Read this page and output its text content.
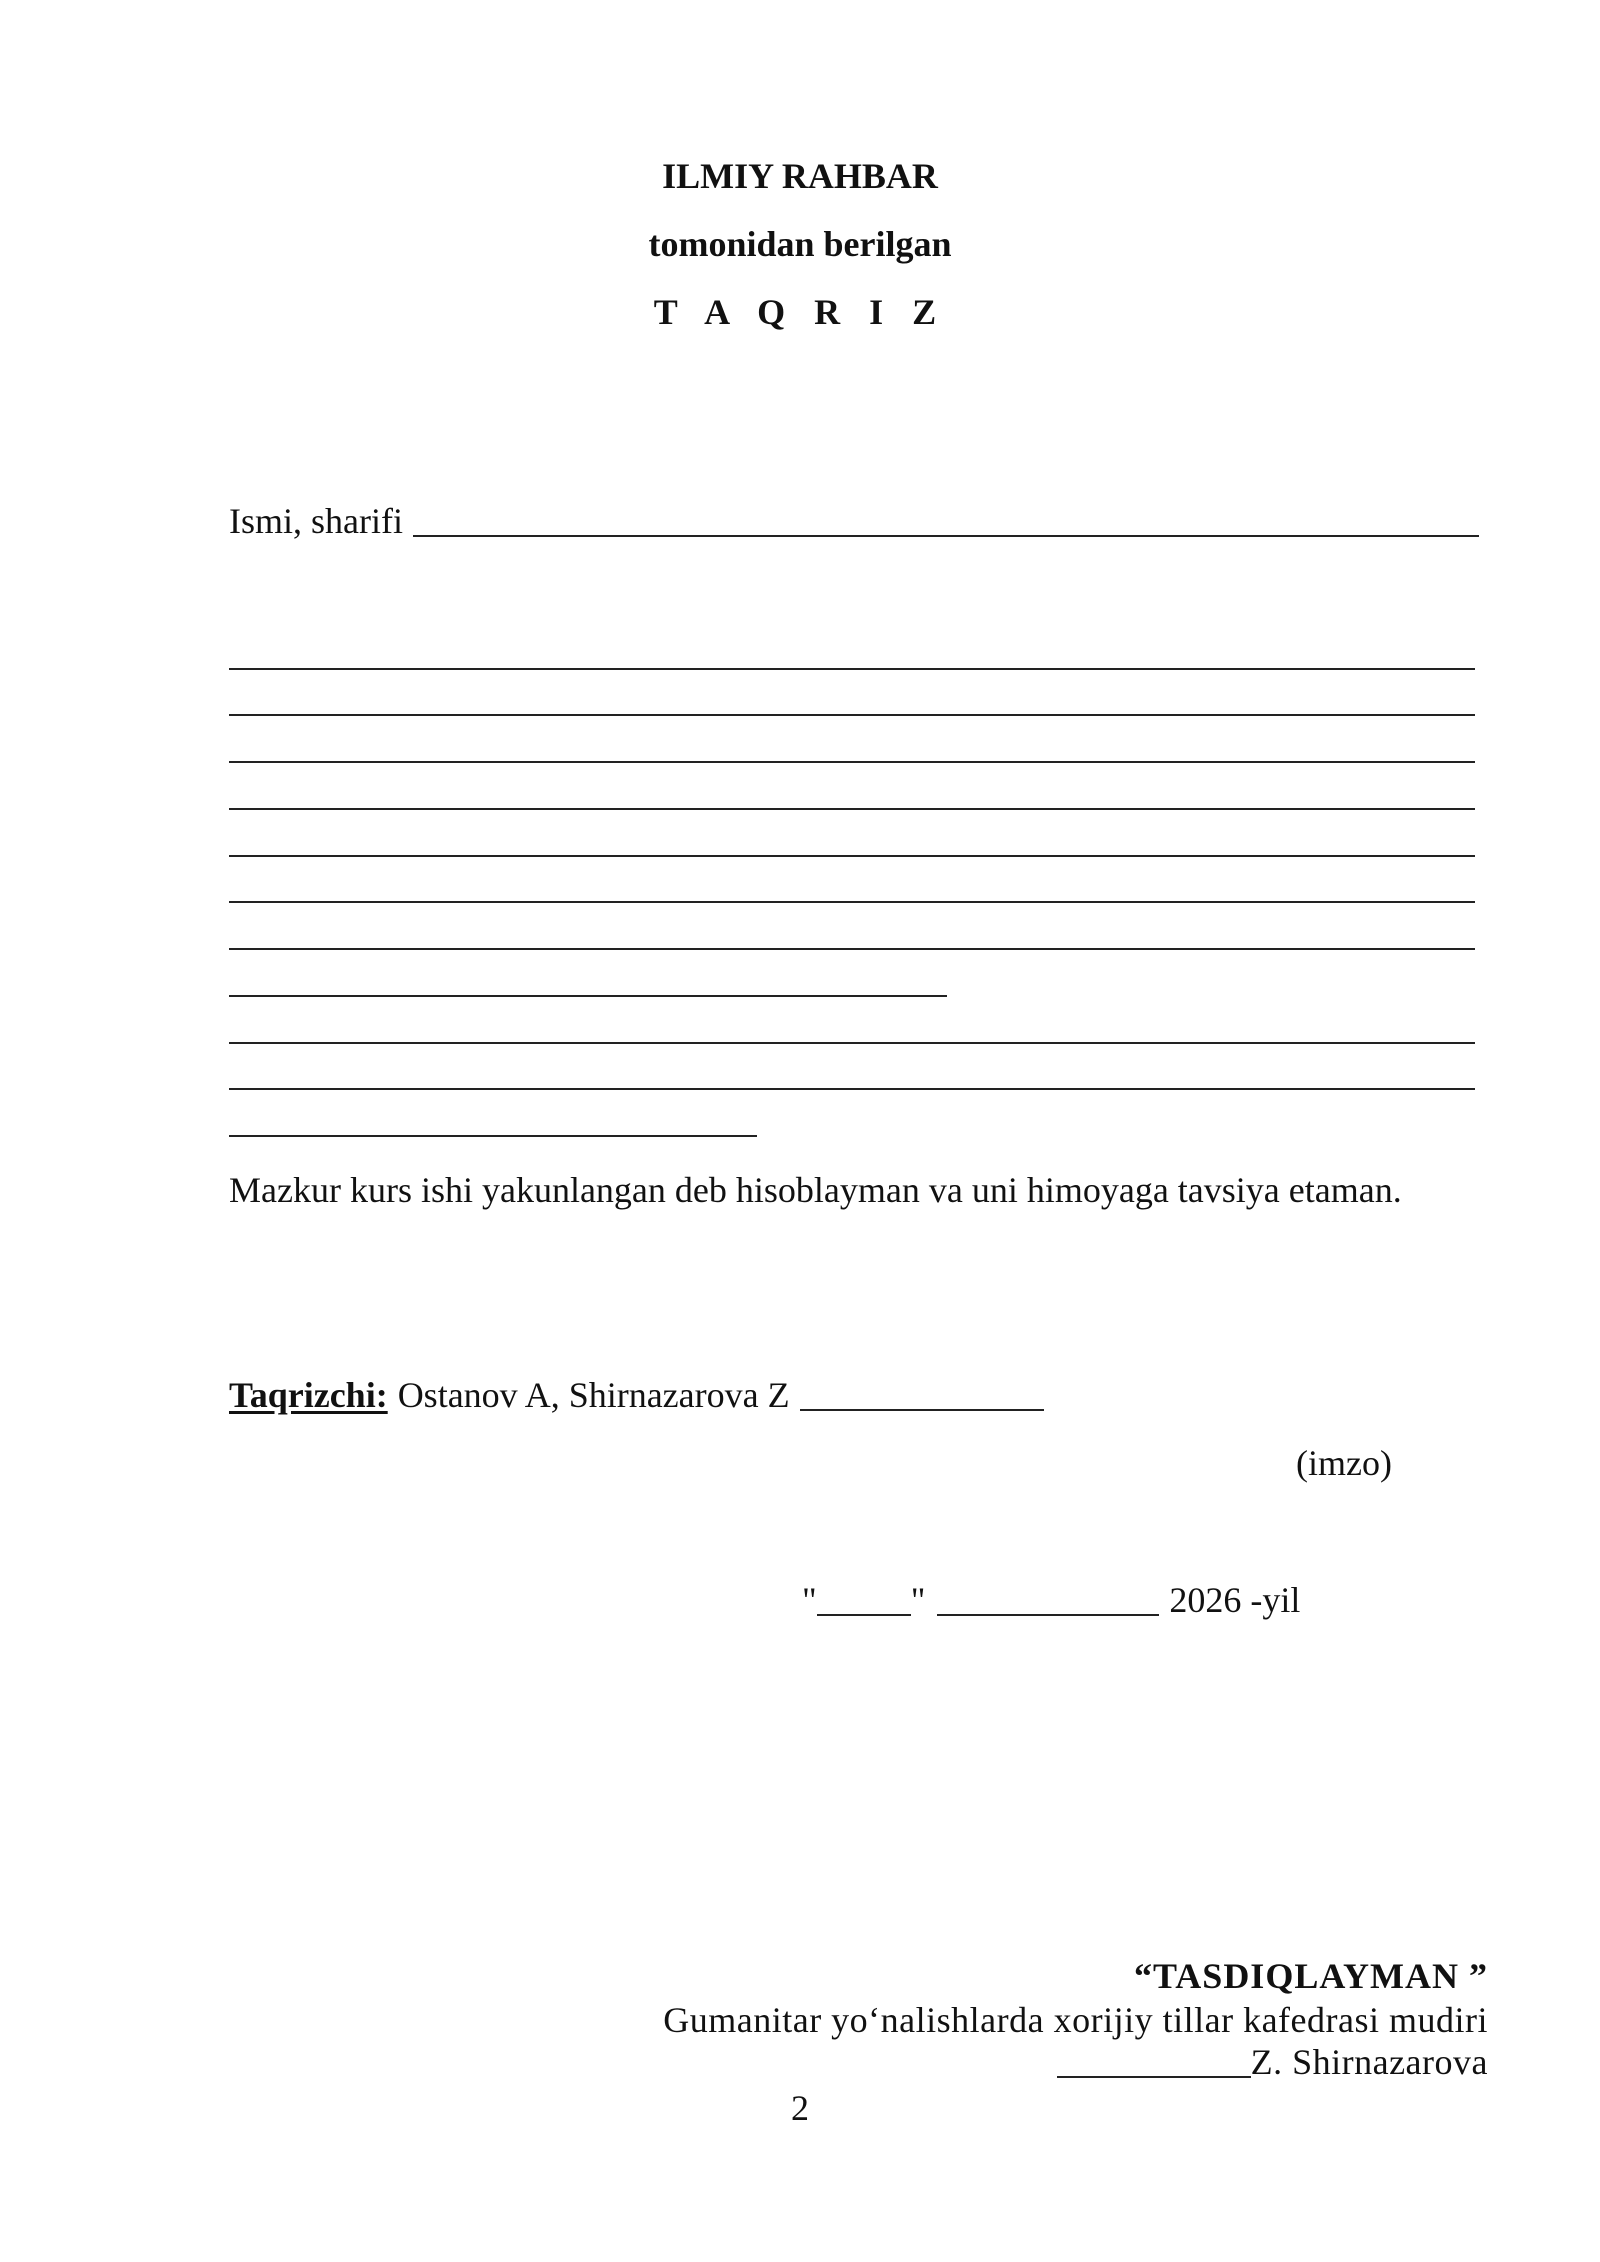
ILMIY RAHBAR
tomonidan berilgan
T A Q R I Z
Ismi, sharifi
Mazkur kurs ishi yakunlangan deb hisoblayman va uni himoyaga tavsiya etaman.
Taqrizchi: Ostanov A, Shirnazarova Z
(imzo)
"	"	2026 -yil
“TASDIQLAYMAN ”
Gumanitar yo‘nalishlarda xorijiy tillar kafedrasi mudiri
Z. Shirnazarova
2
